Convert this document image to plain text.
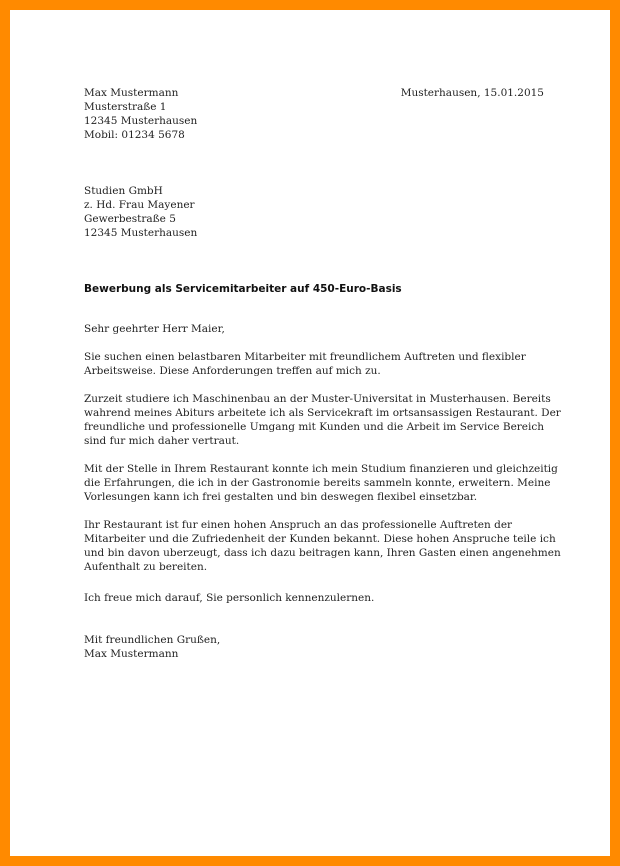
Max Mustermann
Musterstraße 1
12345 Musterhausen
Mobil: 01234 5678
Musterhausen, 15.01.2015
Studien GmbH
z. Hd. Frau Mayener
Gewerbestraße 5
12345 Musterhausen
Bewerbung als Servicemitarbeiter auf 450-Euro-Basis
Sehr geehrter Herr Maier,
Sie suchen einen belastbaren Mitarbeiter mit freundlichem Auftreten und flexibler
Arbeitsweise. Diese Anforderungen treffen auf mich zu.
Zurzeit studiere ich Maschinenbau an der Muster-Universitat in Musterhausen. Bereits
wahrend meines Abiturs arbeitete ich als Servicekraft im ortsansassigen Restaurant. Der
freundliche und professionelle Umgang mit Kunden und die Arbeit im Service Bereich
sind fur mich daher vertraut.
Mit der Stelle in Ihrem Restaurant konnte ich mein Studium finanzieren und gleichzeitig
die Erfahrungen, die ich in der Gastronomie bereits sammeln konnte, erweitern. Meine
Vorlesungen kann ich frei gestalten und bin deswegen flexibel einsetzbar.
Ihr Restaurant ist fur einen hohen Anspruch an das professionelle Auftreten der
Mitarbeiter und die Zufriedenheit der Kunden bekannt. Diese hohen Anspruche teile ich
und bin davon uberzeugt, dass ich dazu beitragen kann, Ihren Gasten einen angenehmen
Aufenthalt zu bereiten.
Ich freue mich darauf, Sie personlich kennenzulernen.
Mit freundlichen Grußen,
Max Mustermann
